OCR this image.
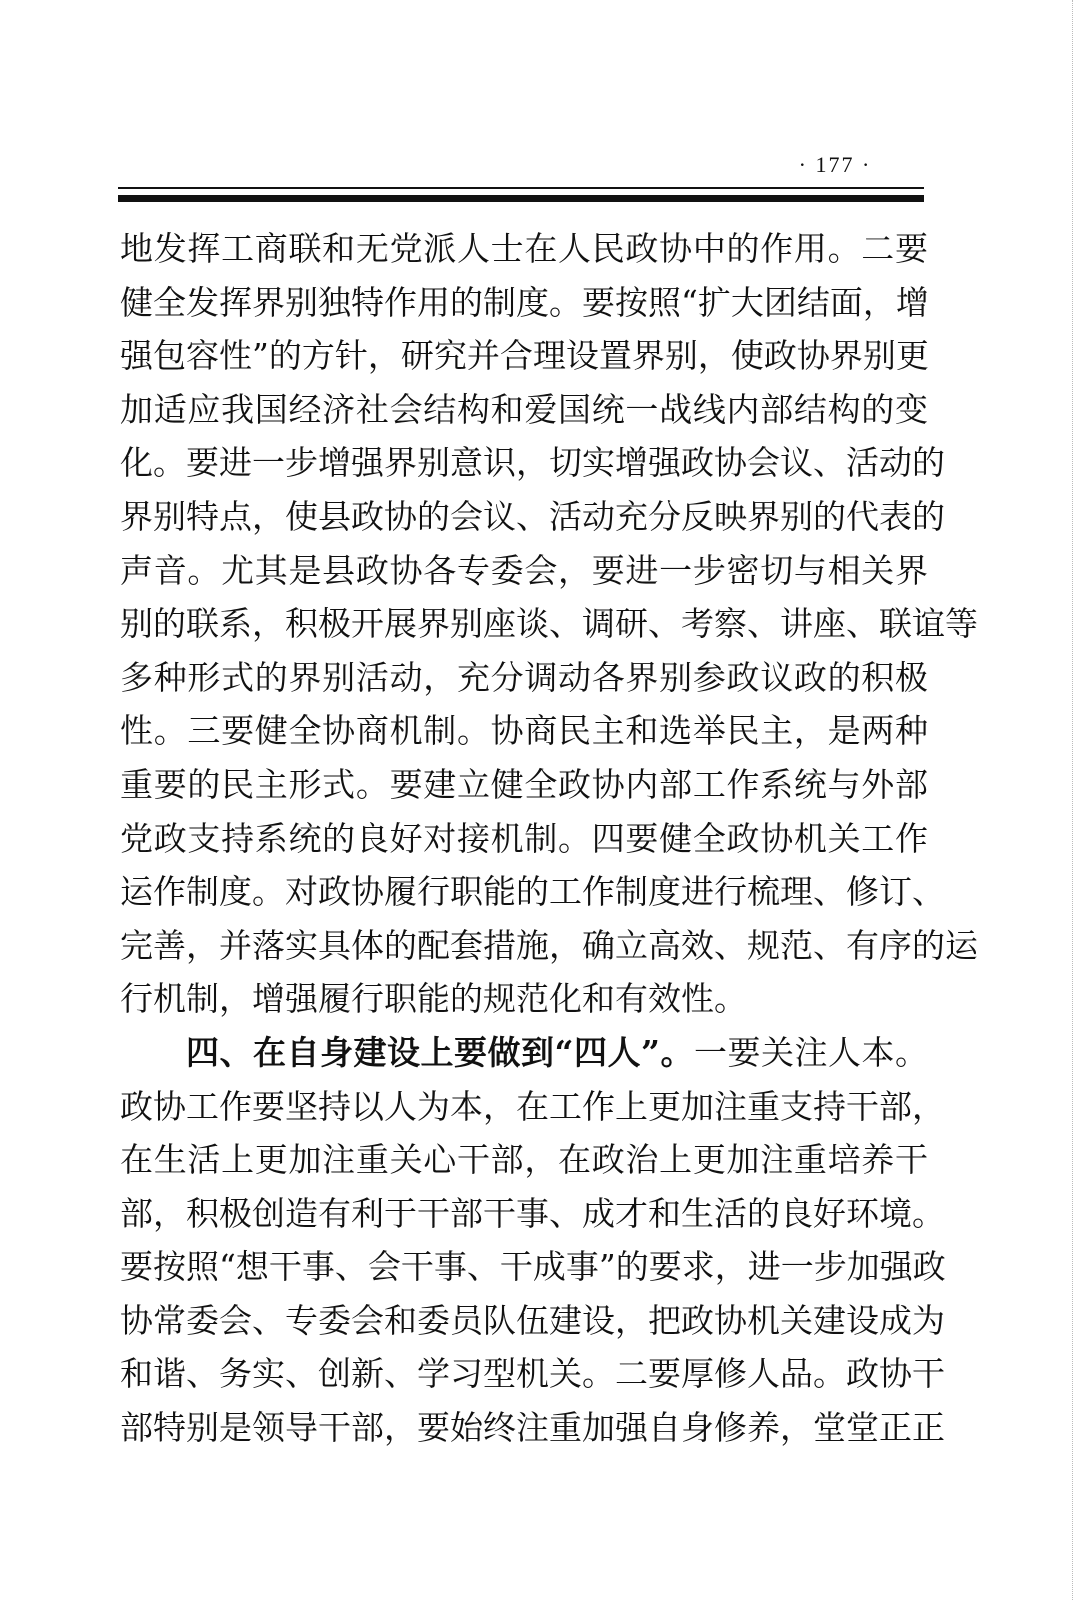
· 177 ·
地发挥工商联和无党派人士在人民政协中的作用。二要
健全发挥界别独特作用的制度。要按照“扩大团结面，增
强包容性”的方针，研究并合理设置界别，使政协界别更
加适应我国经济社会结构和爱国统一战线内部结构的变
化。要进一步增强界别意识，切实增强政协会议、活动的
界别特点，使县政协的会议、活动充分反映界别的代表的
声音。尤其是县政协各专委会，要进一步密切与相关界
别的联系，积极开展界别座谈、调研、考察、讲座、联谊等
多种形式的界别活动，充分调动各界别参政议政的积极
性。三要健全协商机制。协商民主和选举民主，是两种
重要的民主形式。要建立健全政协内部工作系统与外部
党政支持系统的良好对接机制。四要健全政协机关工作
运作制度。对政协履行职能的工作制度进行梳理、修订、
完善，并落实具体的配套措施，确立高效、规范、有序的运
行机制，增强履行职能的规范化和有效性。
四、在自身建设上要做到“四人”。一要关注人本。
政协工作要坚持以人为本，在工作上更加注重支持干部，
在生活上更加注重关心干部，在政治上更加注重培养干
部，积极创造有利于干部干事、成才和生活的良好环境。
要按照“想干事、会干事、干成事”的要求，进一步加强政
协常委会、专委会和委员队伍建设，把政协机关建设成为
和谐、务实、创新、学习型机关。二要厚修人品。政协干
部特别是领导干部，要始终注重加强自身修养，堂堂正正
